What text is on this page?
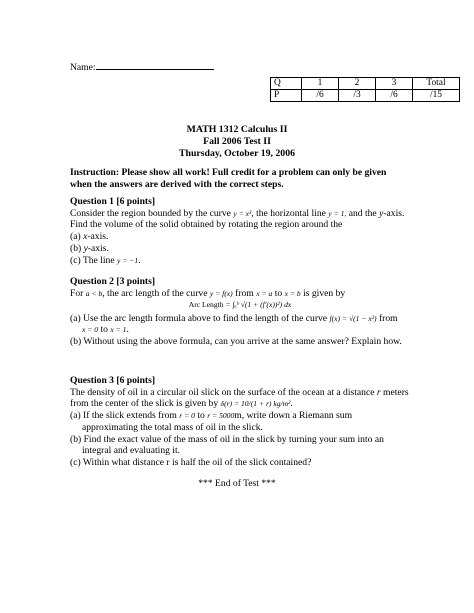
Name:
Q	1	2	3	Total
P	/6	/3	/6	/15
MATH 1312 Calculus II
Fall 2006 Test II
Thursday, October 19, 2006
Instruction: Please show all work! Full credit for a problem can only be given when the answers are derived with the correct steps.
Question 1 [6 points]
Consider the region bounded by the curve y = x³, the horizontal line y = 1, and the y-axis.
Find the volume of the solid obtained by rotating the region around the
(a) x-axis.
(b) y-axis.
(c) The line y = −1.
Question 2 [3 points]
For a < b, the arc length of the curve y = f(x) from x = a to x = b is given by
Arc Length = ∫ₐᵇ √(1 + (f′(x))²) dx
(a) Use the arc length formula above to find the length of the curve f(x) = √(1 − x²) from
x = 0 to x = 1.
(b) Without using the above formula, can you arrive at the same answer? Explain how.
Question 3 [6 points]
The density of oil in a circular oil slick on the surface of the ocean at a distance r meters from the center of the slick is given by δ(r) = 10/(1 + r) kg/m².
(a) If the slick extends from r = 0 to r = 5000m, write down a Riemann sum approximating the total mass of oil in the slick.
(b) Find the exact value of the mass of oil in the slick by turning your sum into an integral and evaluating it.
(c) Within what distance r is half the oil of the slick contained?
*** End of Test ***
